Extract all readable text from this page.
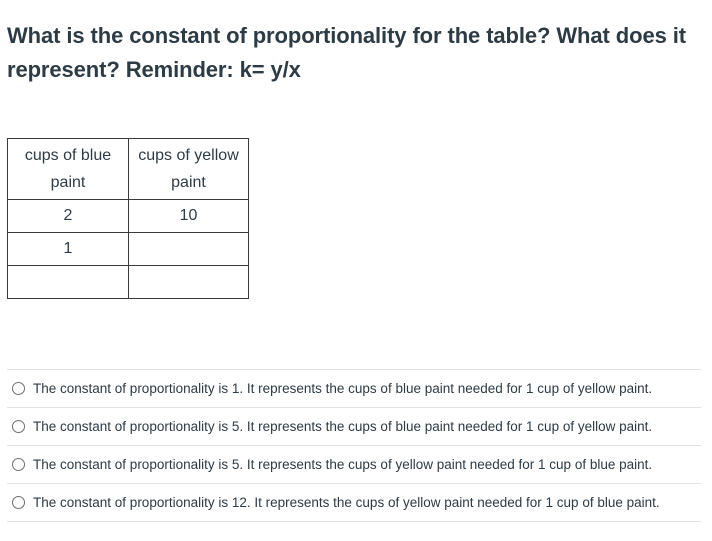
What is the constant of proportionality for the table? What does it represent? Reminder: k= y/x
cups of blue paint	cups of yellow paint
2	10
1	

The constant of proportionality is 1. It represents the cups of blue paint needed for 1 cup of yellow paint.
The constant of proportionality is 5. It represents the cups of blue paint needed for 1 cup of yellow paint.
The constant of proportionality is 5. It represents the cups of yellow paint needed for 1 cup of blue paint.
The constant of proportionality is 12. It represents the cups of yellow paint needed for 1 cup of blue paint.
